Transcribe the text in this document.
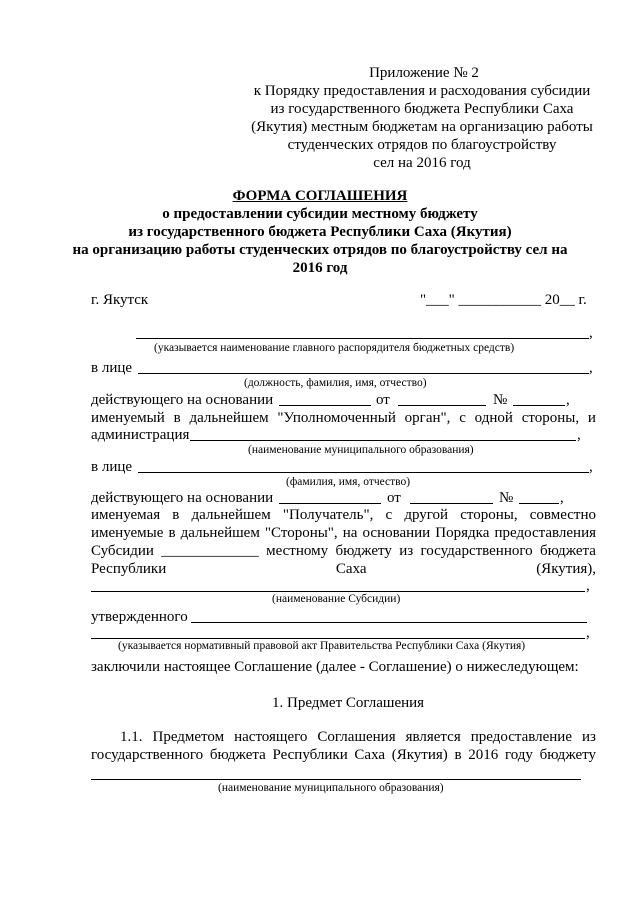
Приложение № 2
к Порядку предоставления и расходования субсидии
из государственного бюджета Республики Саха
(Якутия) местным бюджетам на организацию работы
студенческих отрядов по благоустройству
сел на 2016 год
ФОРМА СОГЛАШЕНИЯ
о предоставлении субсидии местному бюджету
из государственного бюджета Республики Саха (Якутия)
на организацию работы студенческих отрядов по благоустройству сел на
2016 год
г. Якутск	"___" ___________ 20__ г.
,
(указывается наименование главного распорядителя бюджетных средств)
в лице	,
(должность, фамилия, имя, отчество)
действующего на основании	от	№	,
именуемый в дальнейшем "Уполномоченный орган", с одной стороны, и
администрация	,
(наименование муниципального образования)
в лице	,
(фамилия, имя, отчество)
действующего на основании	от	№	,
именуемая в дальнейшем "Получатель", с другой стороны, совместно
именуемые в дальнейшем "Стороны", на основании Порядка предоставления
Субсидии _____________ местному бюджету из государственного бюджета
Республики	Саха	(Якутия),
,
(наименование Субсидии)
утвержденного
,
(указывается нормативный правовой акт Правительства Республики Саха (Якутия)
заключили настоящее Соглашение (далее - Соглашение) о нижеследующем:
1. Предмет Соглашения
1.1. Предметом настоящего Соглашения является предоставление из
государственного бюджета Республики Саха (Якутия) в 2016 году бюджету
(наименование муниципального образования)
